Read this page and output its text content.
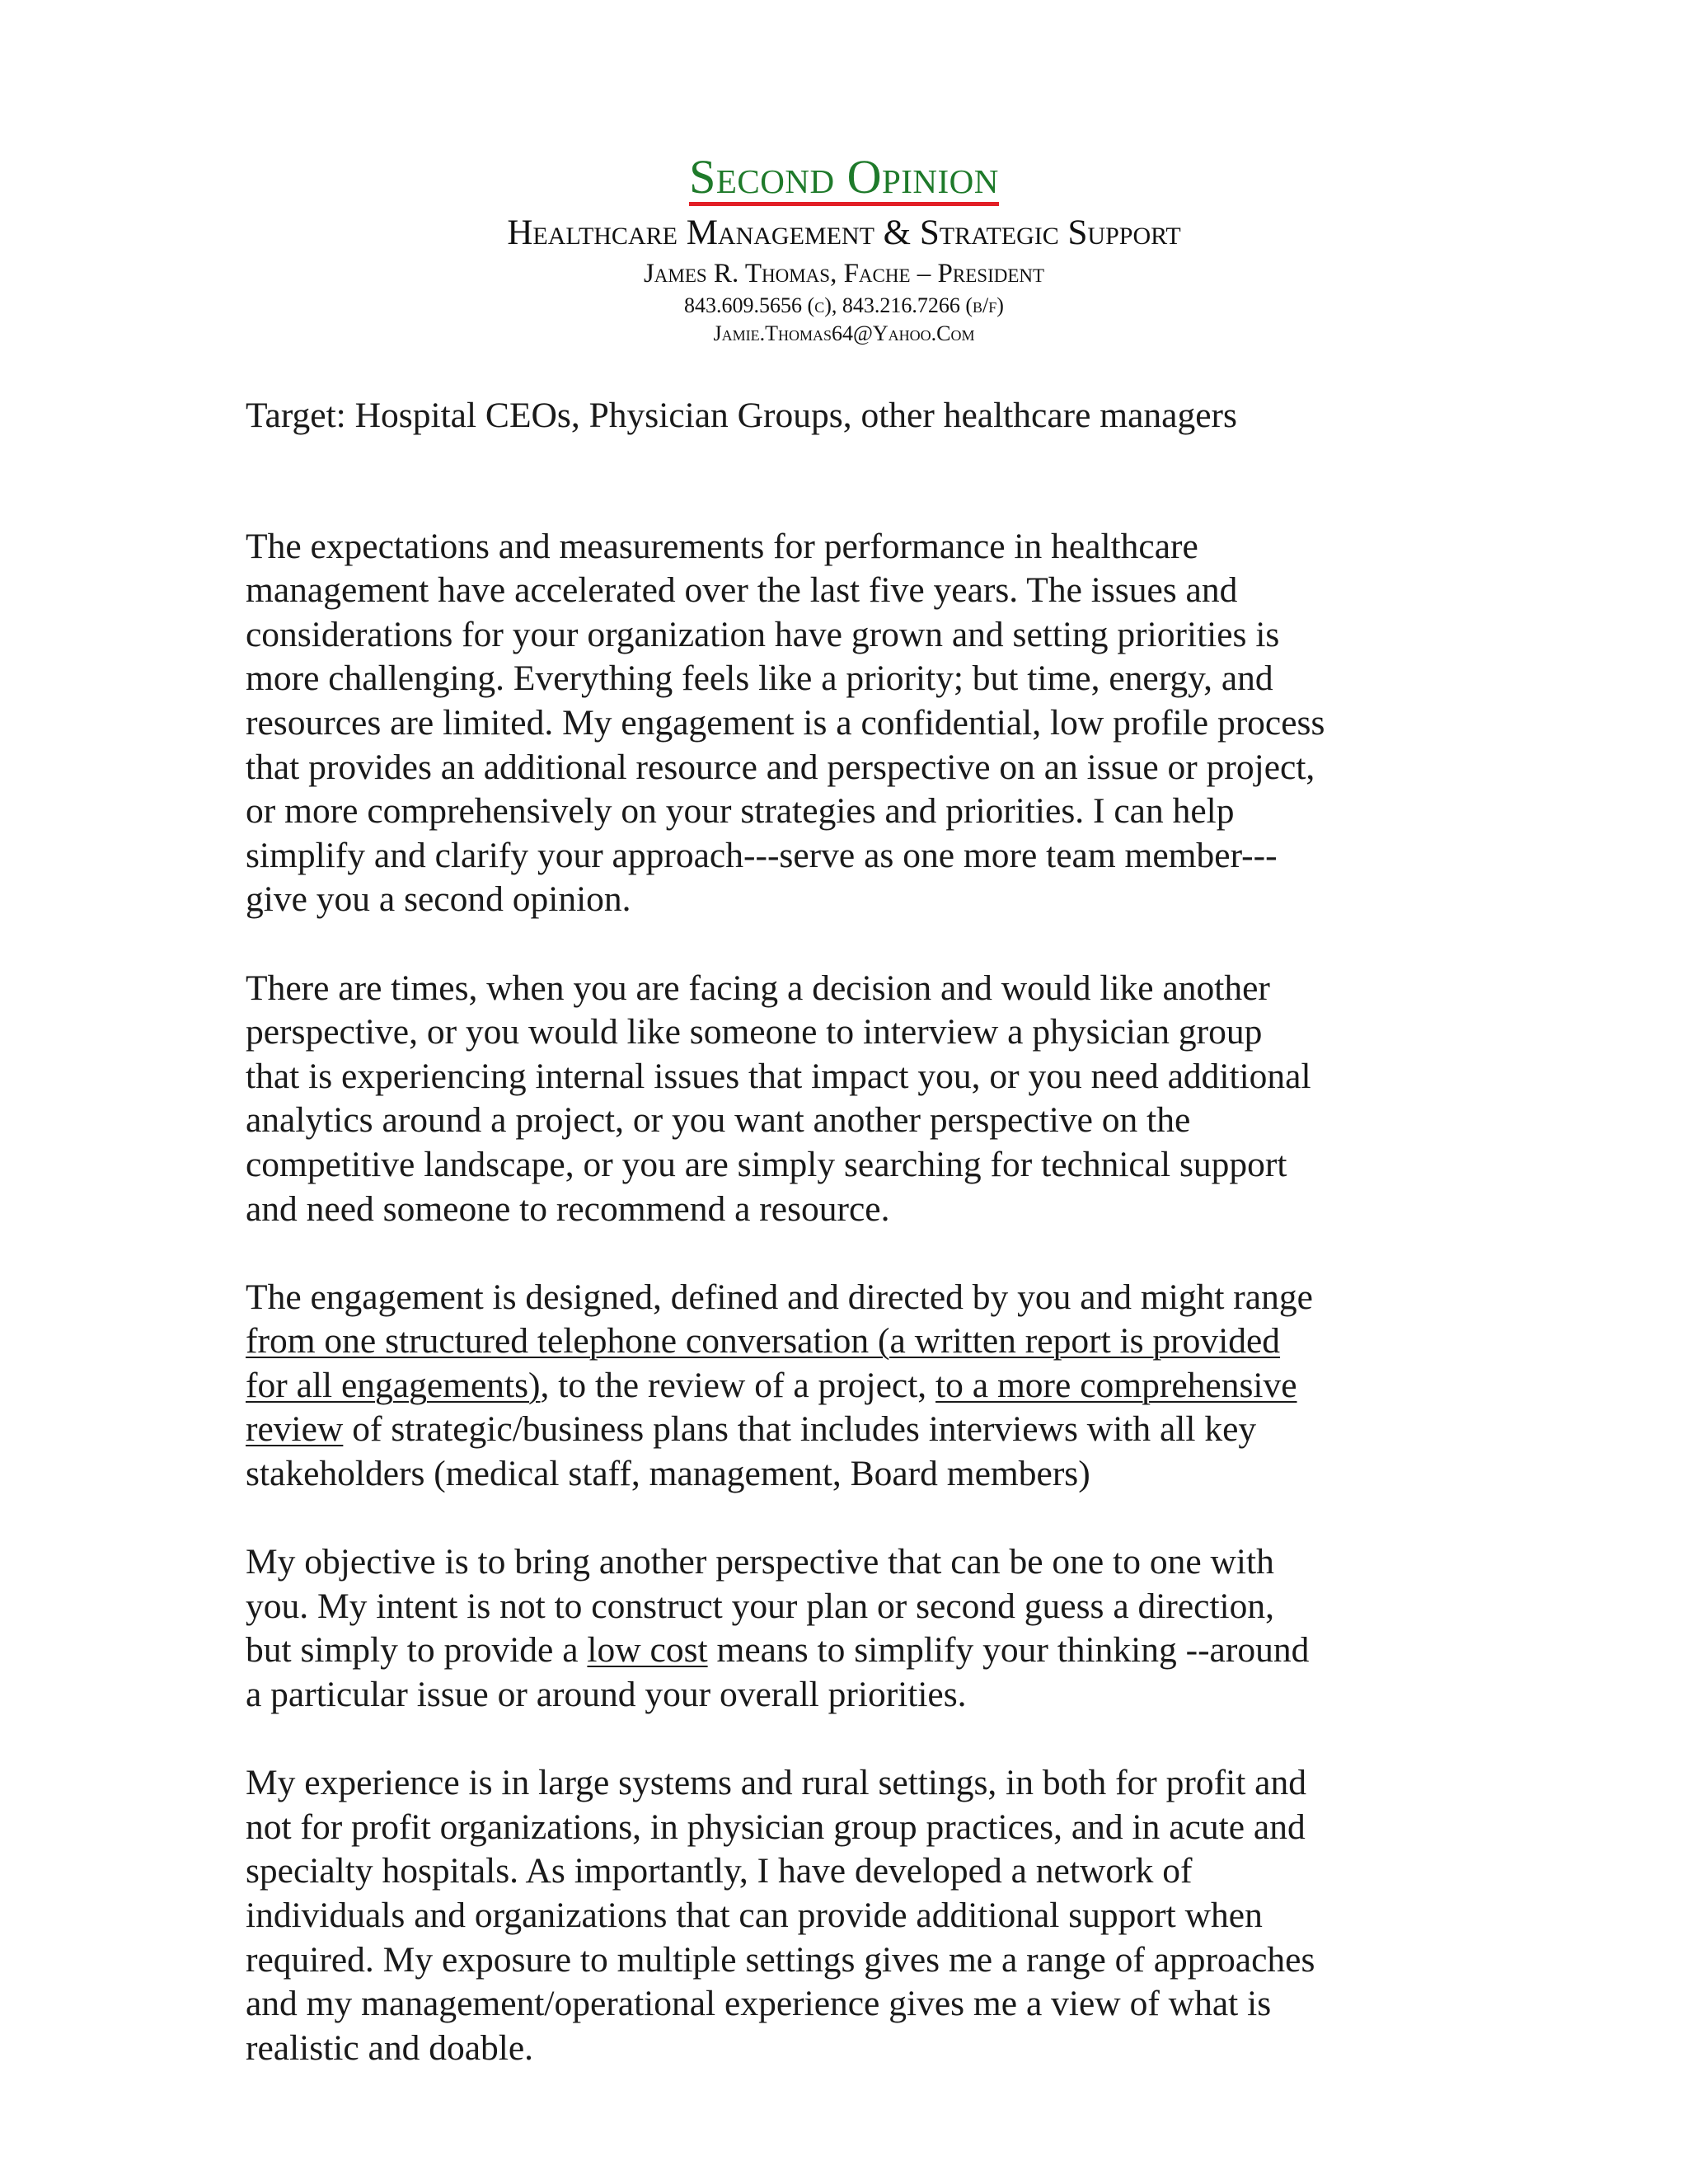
Second Opinion
Healthcare Management & Strategic Support
James R. Thomas, Fache – President
843.609.5656 (c), 843.216.7266 (b/f)
Jamie.Thomas64@Yahoo.Com

Target: Hospital CEOs, Physician Groups, other healthcare managers

The expectations and measurements for performance in healthcare
management have accelerated over the last five years. The issues and
considerations for your organization have grown and setting priorities is
more challenging. Everything feels like a priority; but time, energy, and
resources are limited. My engagement is a confidential, low profile process
that provides an additional resource and perspective on an issue or project,
or more comprehensively on your strategies and priorities. I can help
simplify and clarify your approach---serve as one more team member---
give you a second opinion.

There are times, when you are facing a decision and would like another
perspective, or you would like someone to interview a physician group
that is experiencing internal issues that impact you, or you need additional
analytics around a project, or you want another perspective on the
competitive landscape, or you are simply searching for technical support
and need someone to recommend a resource.

The engagement is designed, defined and directed by you and might range
from one structured telephone conversation (a written report is provided
for all engagements), to the review of a project, to a more comprehensive
review of strategic/business plans that includes interviews with all key
stakeholders (medical staff, management, Board members)

My objective is to bring another perspective that can be one to one with
you. My intent is not to construct your plan or second guess a direction,
but simply to provide a low cost means to simplify your thinking --around
a particular issue or around your overall priorities.

My experience is in large systems and rural settings, in both for profit and
not for profit organizations, in physician group practices, and in acute and
specialty hospitals. As importantly, I have developed a network of
individuals and organizations that can provide additional support when
required. My exposure to multiple settings gives me a range of approaches
and my management/operational experience gives me a view of what is
realistic and doable.
